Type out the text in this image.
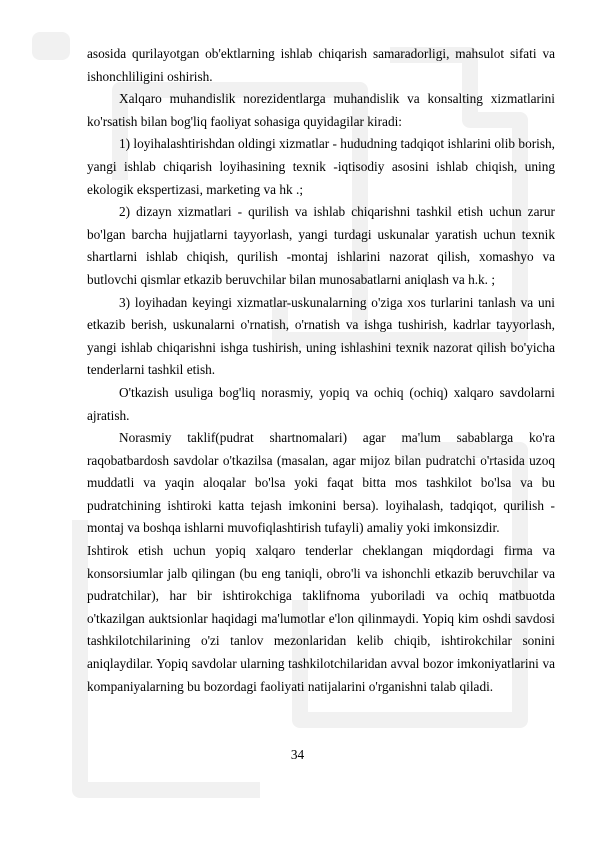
asosida qurilayotgan ob'ektlarning ishlab chiqarish samaradorligi, mahsulot sifati va ishonchliligini oshirish.

Xalqaro muhandislik norezidentlarga muhandislik va konsalting xizmatlarini ko'rsatish bilan bog'liq faoliyat sohasiga quyidagilar kiradi:

1) loyihalashtirishdan oldingi xizmatlar - hududning tadqiqot ishlarini olib borish, yangi ishlab chiqarish loyihasining texnik -iqtisodiy asosini ishlab chiqish, uning ekologik ekspertizasi, marketing va hk .;

2) dizayn xizmatlari - qurilish va ishlab chiqarishni tashkil etish uchun zarur bo'lgan barcha hujjatlarni tayyorlash, yangi turdagi uskunalar yaratish uchun texnik shartlarni ishlab chiqish, qurilish -montaj ishlarini nazorat qilish, xomashyo va butlovchi qismlar etkazib beruvchilar bilan munosabatlarni aniqlash va h.k. ;

3) loyihadan keyingi xizmatlar-uskunalarning o'ziga xos turlarini tanlash va uni etkazib berish, uskunalarni o'rnatish, o'rnatish va ishga tushirish, kadrlar tayyorlash, yangi ishlab chiqarishni ishga tushirish, uning ishlashini texnik nazorat qilish bo'yicha tenderlarni tashkil etish.

O'tkazish usuliga bog'liq norasmiy, yopiq va ochiq (ochiq) xalqaro savdolarni ajratish.

Norasmiy taklif(pudrat shartnomalari) agar ma'lum sabablarga ko'ra raqobatbardosh savdolar o'tkazilsa (masalan, agar mijoz bilan pudratchi o'rtasida uzoq muddatli va yaqin aloqalar bo'lsa yoki faqat bitta mos tashkilot bo'lsa va bu pudratchining ishtiroki katta tejash imkonini bersa). loyihalash, tadqiqot, qurilish -montaj va boshqa ishlarni muvofiqlashtirish tufayli) amaliy yoki imkonsizdir.

Ishtirok etish uchun yopiq xalqaro tenderlar cheklangan miqdordagi firma va konsorsiumlar jalb qilingan (bu eng taniqli, obro'li va ishonchli etkazib beruvchilar va pudratchilar), har bir ishtirokchiga taklifnoma yuboriladi va ochiq matbuotda o'tkazilgan auktsionlar haqidagi ma'lumotlar e'lon qilinmaydi. Yopiq kim oshdi savdosi tashkilotchilarining o'zi tanlov mezonlaridan kelib chiqib, ishtirokchilar sonini aniqlaydilar. Yopiq savdolar ularning tashkilotchilaridan avval bozor imkoniyatlarini va kompaniyalarning bu bozordagi faoliyati natijalarini o'rganishni talab qiladi.

34
